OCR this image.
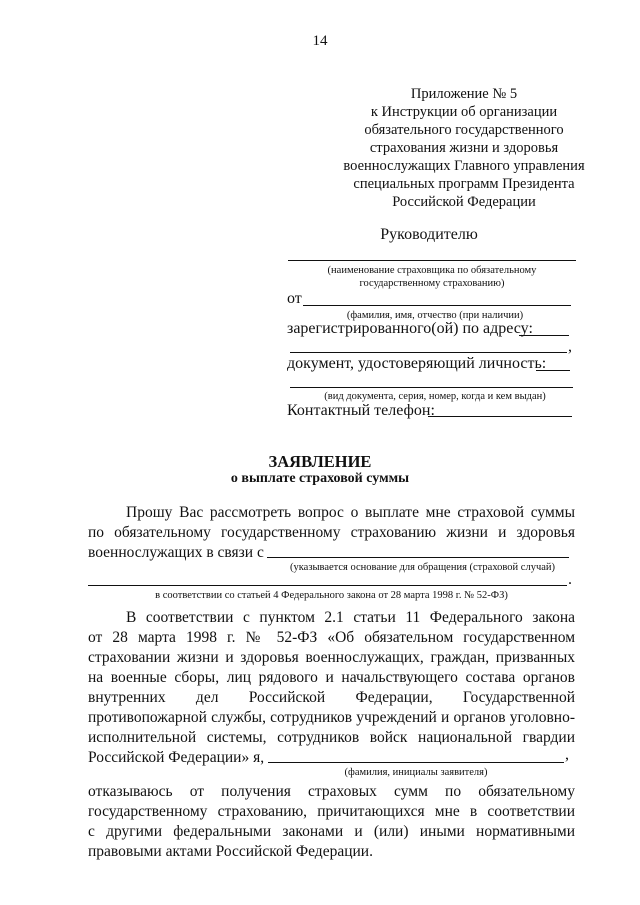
14
Приложение № 5
к Инструкции об организации
обязательного государственного
страхования жизни и здоровья
военнослужащих Главного управления
специальных программ Президента
Российской Федерации
Руководителю
(наименование страховщика по обязательному
государственному страхованию)
от
(фамилия, имя, отчество (при наличии)
зарегистрированного(ой) по адресу:
,
документ, удостоверяющий личность:
(вид документа, серия, номер, когда и кем выдан)
Контактный телефон:
ЗАЯВЛЕНИЕ
о выплате страховой суммы
Прошу Вас рассмотреть вопрос о выплате мне страховой суммы
по обязательному государственному страхованию жизни и здоровья
военнослужащих в связи с
(указывается основание для обращения (страховой случай)
.
в соответствии со статьей 4 Федерального закона от 28 марта 1998 г. № 52-ФЗ)
В соответствии с пунктом 2.1 статьи 11 Федерального закона
от 28 марта 1998 г. № 52-ФЗ «Об обязательном государственном
страховании жизни и здоровья военнослужащих, граждан, призванных
на военные сборы, лиц рядового и начальствующего состава органов
внутренних дел Российской Федерации, Государственной
противопожарной службы, сотрудников учреждений и органов уголовно-
исполнительной системы, сотрудников войск национальной гвардии
Российской Федерации» я,	,
(фамилия, инициалы заявителя)
отказываюсь от получения страховых сумм по обязательному
государственному страхованию, причитающихся мне в соответствии
с другими федеральными законами и (или) иными нормативными
правовыми актами Российской Федерации.
